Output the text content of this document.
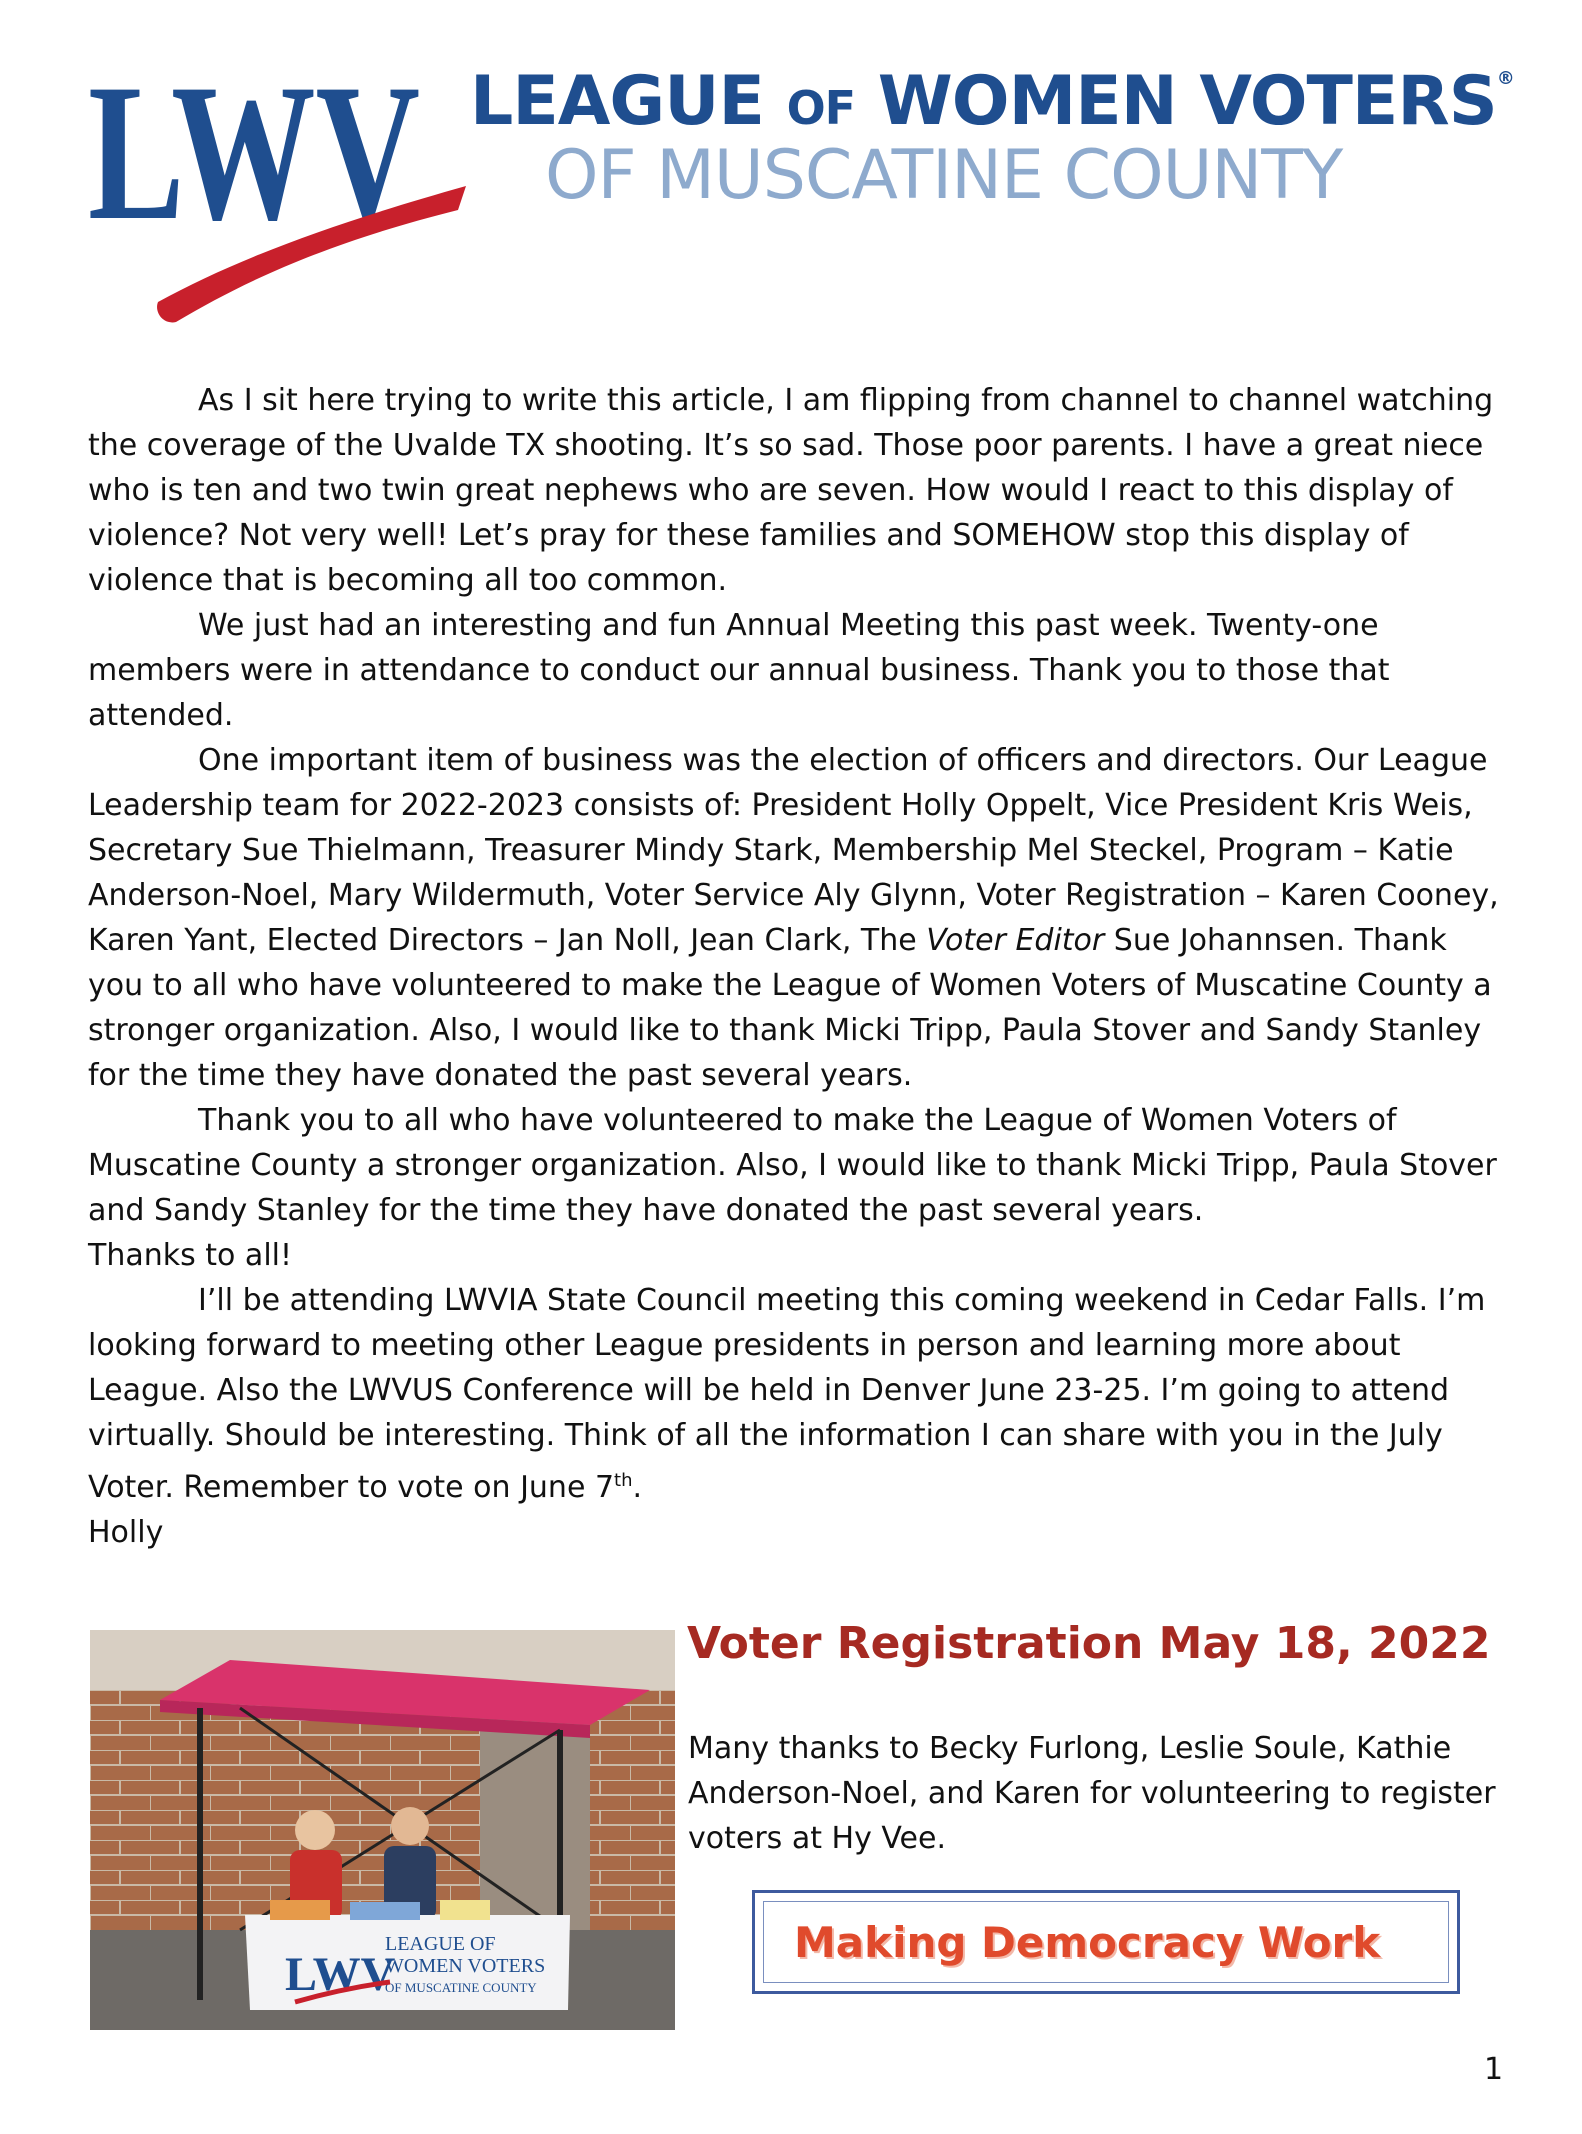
LWV LEAGUE OF WOMEN VOTERS®
OF MUSCATINE COUNTY

As I sit here trying to write this article, I am flipping from channel to channel watching the coverage of the Uvalde TX shooting. It’s so sad. Those poor parents. I have a great niece who is ten and two twin great nephews who are seven. How would I react to this display of violence? Not very well! Let’s pray for these families and SOMEHOW stop this display of violence that is becoming all too common.

We just had an interesting and fun Annual Meeting this past week. Twenty-one members were in attendance to conduct our annual business. Thank you to those that attended.

One important item of business was the election of officers and directors. Our League Leadership team for 2022-2023 consists of: President Holly Oppelt, Vice President Kris Weis, Secretary Sue Thielmann, Treasurer Mindy Stark, Membership Mel Steckel, Program – Katie Anderson-Noel, Mary Wildermuth, Voter Service Aly Glynn, Voter Registration – Karen Cooney, Karen Yant, Elected Directors – Jan Noll, Jean Clark, The Voter Editor Sue Johannsen. Thank you to all who have volunteered to make the League of Women Voters of Muscatine County a stronger organization. Also, I would like to thank Micki Tripp, Paula Stover and Sandy Stanley for the time they have donated the past several years.

Thank you to all who have volunteered to make the League of Women Voters of Muscatine County a stronger organization. Also, I would like to thank Micki Tripp, Paula Stover and Sandy Stanley for the time they have donated the past several years.

Thanks to all!

I’ll be attending LWVIA State Council meeting this coming weekend in Cedar Falls. I’m looking forward to meeting other League presidents in person and learning more about League. Also the LWVUS Conference will be held in Denver June 23-25. I’m going to attend virtually. Should be interesting. Think of all the information I can share with you in the July Voter. Remember to vote on June 7th.

Holly

LWV
LEAGUE OF
WOMEN VOTERS
OF MUSCATINE COUNTY
Voter Registration May 18, 2022
Many thanks to Becky Furlong, Leslie Soule, Kathie Anderson-Noel, and Karen for volunteering to register voters at Hy Vee.
Making Democracy Work
1
